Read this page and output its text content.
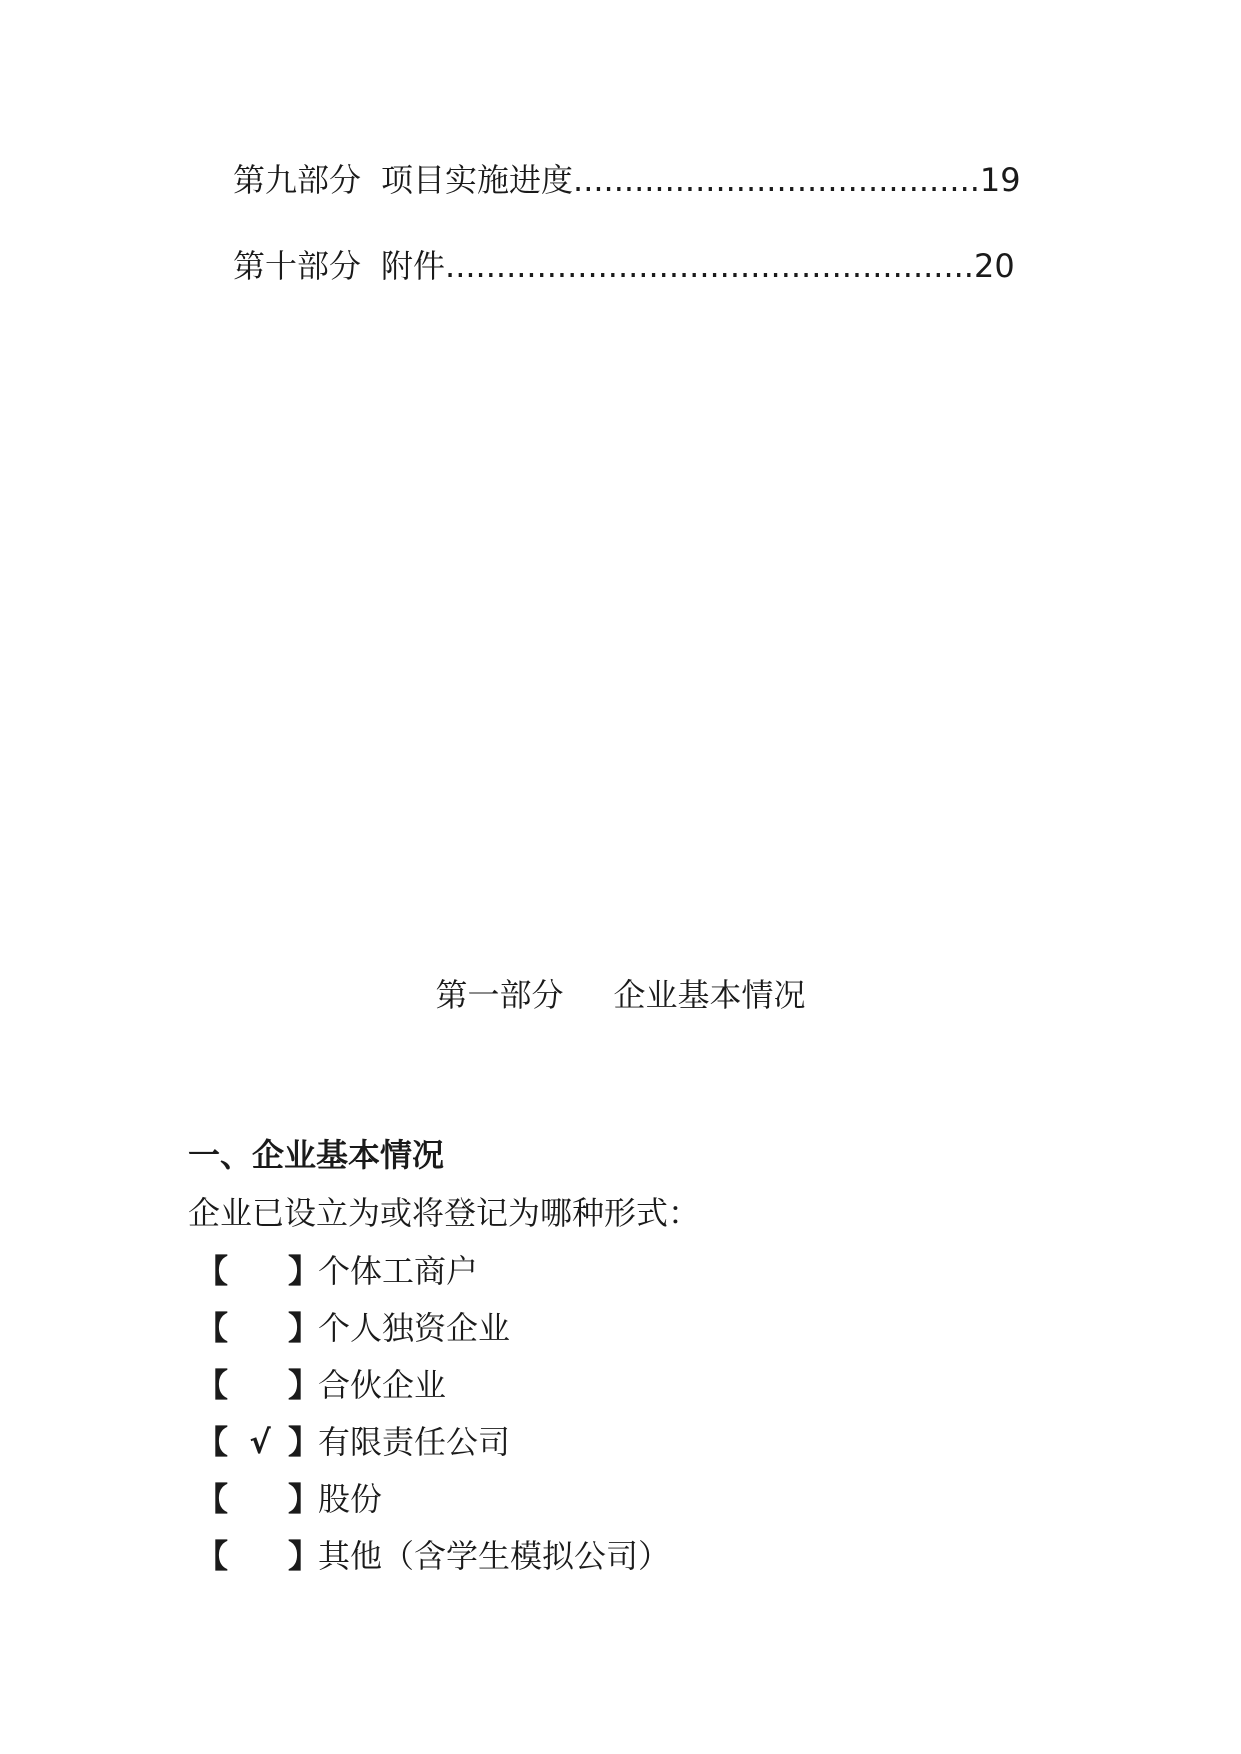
第九部分 项目实施进度........................................19
第十部分 附件....................................................20
第一部分 企业基本情况
一、企业基本情况
企业已设立为或将登记为哪种形式：
【 】
个体工商户
【 】
个人独资企业
【 】
合伙企业
【 √ 】
有限责任公司
【 】
股份
【 】
其他（含学生模拟公司）
